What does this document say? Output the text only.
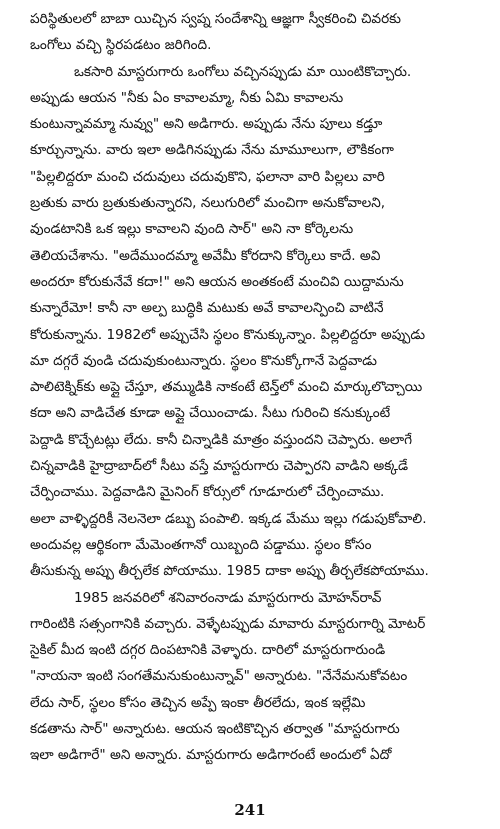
పరిస్థితులలో బాబా యిచ్చిన స్వప్న సందేశాన్ని ఆజ్ఞగా స్వీకరించి చివరకు
ఒంగోలు వచ్చి స్థిరపడటం జరిగింది.
ఒకసారి మాస్టరుగారు ఒంగోలు వచ్చినప్పుడు మా యింటికొచ్చారు.
అప్పుడు ఆయన "నీకు ఏం కావాలమ్మా, నీకు ఏమి కావాలను
కుంటున్నావమ్మా నువ్వు" అని అడిగారు. అప్పుడు నేను పూలు కడ్తూ
కూర్చున్నాను. వారు ఇలా అడిగినప్పుడు నేను మామూలుగా, లౌకికంగా
"పిల్లలిద్దరూ మంచి చదువులు చదువుకొని, ఫలానా వారి పిల్లలు వారి
బ్రతుకు వారు బ్రతుకుతున్నారని, నలుగురిలో మంచిగా అనుకోవాలని,
వుండటానికి ఒక ఇల్లు కావాలని వుంది సార్" అని నా కోర్కెలను
తెలియచేశాను. "అదేముందమ్మా అవేమీ కోరదాని కోర్కెలు కాదే. అవి
అందరూ కోరుకునేవే కదా!" అని ఆయన అంతకంటే మంచివి యిద్దామను
కున్నారేమో! కానీ నా అల్ప బుద్ధికి మటుకు అవే కావాలన్పించి వాటినే
కోరుకున్నాను. 1982లో అప్పుచేసి స్థలం కొనుక్కున్నాం. పిల్లలిద్దరూ అప్పుడు
మా దగ్గరే వుండి చదువుకుంటున్నారు. స్థలం కొనుక్కోగానే పెద్దవాడు
పాలిటెక్నిక్‌కు అప్లై చేస్తూ, తమ్ముడికి నాకంటే టెన్త్‌లో మంచి మార్కులొచ్చాయి
కదా అని వాడిచేత కూడా అప్లై చేయించాడు. సీటు గురించి కనుక్కుంటే
పెద్దాడి కొచ్చేటట్లు లేదు. కానీ చిన్నాడికి మాత్రం వస్తుందని చెప్పారు. అలాగే
చిన్నవాడికి హైద్రాబాద్‌లో సీటు వస్తే మాస్టరుగారు చెప్పారని వాడిని అక్కడే
చేర్పించాము. పెద్దవాడిని మైనింగ్ కోర్సులో గూడూరులో చేర్పించాము.
అలా వాళ్ళిద్దరికీ నెలనెలా డబ్బు పంపాలి. ఇక్కడ మేము ఇల్లు గడుపుకోవాలి.
అందువల్ల ఆర్థికంగా మేమెంతగానో యిబ్బంది పడ్డాము. స్థలం కోసం
తీసుకున్న అప్పు తీర్చలేక పోయాము. 1985 దాకా అప్పు తీర్చలేకపోయాము.
1985 జనవరిలో శనివారంనాడు మాస్టరుగారు మోహన్‌రావ్
గారింటికి సత్సంగానికి వచ్చారు. వెళ్ళేటప్పుడు మావారు మాస్టరుగార్ని మోటర్
సైకిల్ మీద ఇంటి దగ్గర దింపటానికి వెళ్ళారు. దారిలో మాస్టరుగారుండి
"నాయనా ఇంటి సంగతేమనుకుంటున్నావ్" అన్నారుట. "నేనేమనుకోవటం
లేదు సార్, స్థలం కోసం తెచ్చిన అప్పే ఇంకా తీరలేదు, ఇంక ఇల్లేమి
కడతాను సార్" అన్నారుట. ఆయన ఇంటికొచ్చిన తర్వాత "మాస్టరుగారు
ఇలా అడిగారే" అని అన్నారు. మాస్టరుగారు అడిగారంటే అందులో ఏదో
241
